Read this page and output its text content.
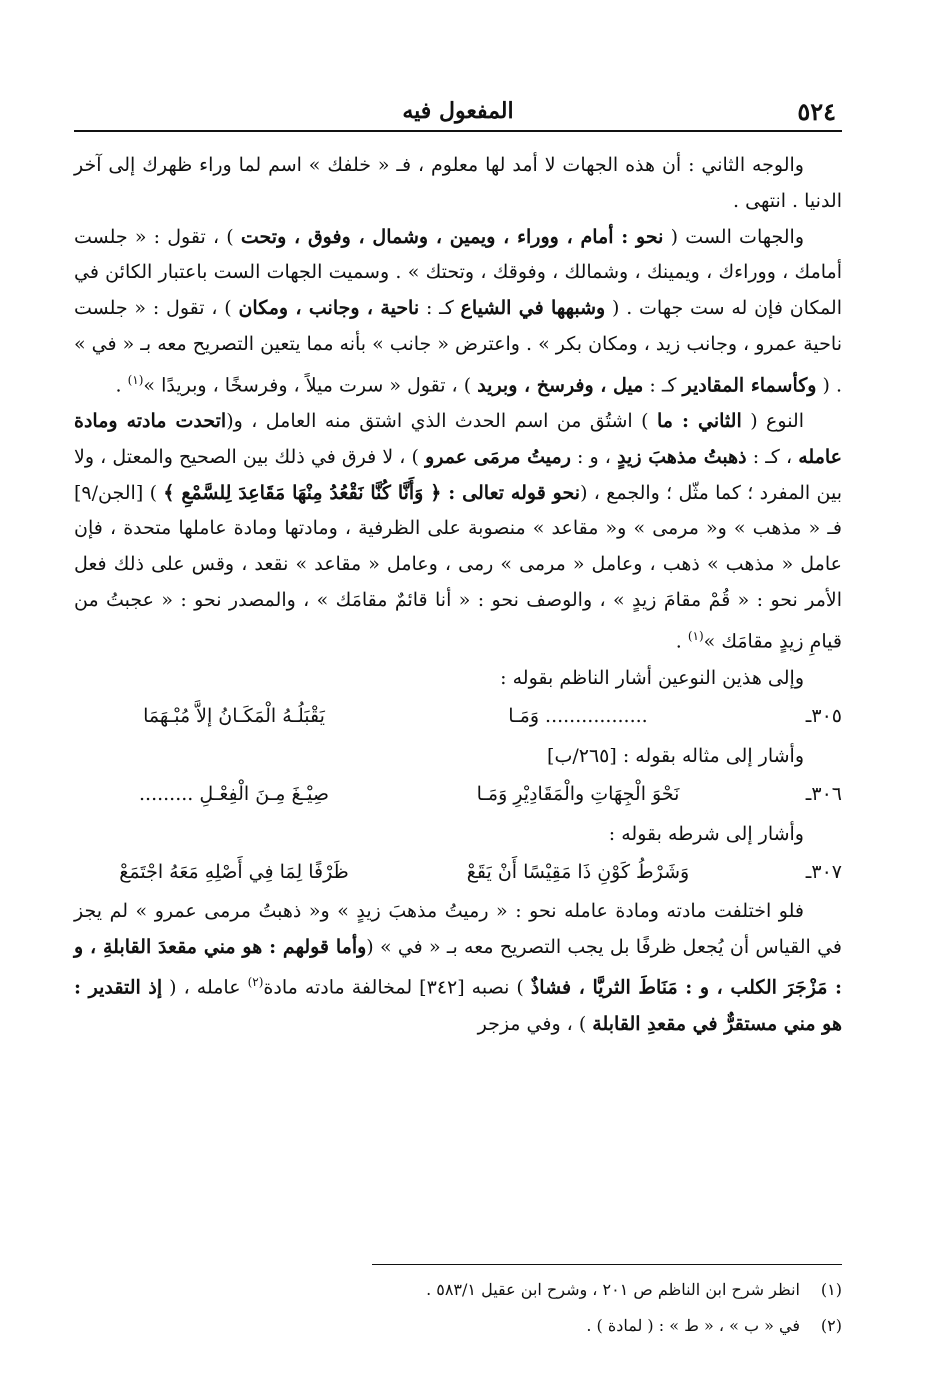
٥٢٤
المفعول فيه

والوجه الثاني : أن هذه الجهات لا أمد لها معلوم ، فـ « خلفك » اسم لما وراء ظهرك إلى آخر الدنيا . انتهى .

والجهات الست ( نحو : أمام ، ووراء ، ويمين ، وشمال ، وفوق ، وتحت ) ، تقول : « جلست أمامك ، ووراءك ، ويمينك ، وشمالك ، وفوقك ، وتحتك » . وسميت الجهات الست باعتبار الكائن في المكان فإن له ست جهات . ( وشبهها في الشياع كـ : ناحية ، وجانب ، ومكان ) ، تقول : « جلست ناحية عمرو ، وجانب زيد ، ومكان بكر » . واعترض « جانب » بأنه مما يتعين التصريح معه بـ « في » . ( وكأسماء المقادير كـ : ميل ، وفرسخ ، وبريد ) ، تقول « سرت ميلاً ، وفرسخًا ، وبريدًا »$^{(١)}$ .

النوع ( الثاني : ما ) اشتُق من اسم الحدث الذي اشتق منه العامل ، و(اتحدت مادته ومادة عامله ، كـ : ذهبتُ مذهبَ زيدٍ ، و : رميتُ مرمَى عمرو ) ، لا فرق في ذلك بين الصحيح والمعتل ، ولا بين المفرد ؛ كما مثّل ؛ والجمع ، (نحو قوله تعالى : ﴿ وَأَنَّا كُنَّا نَقْعُدُ مِنْهَا مَقَاعِدَ لِلسَّمْعِ ﴾ ) [الجن/٩] فـ « مذهب » و« مرمى » و« مقاعد » منصوبة على الظرفية ، ومادتها ومادة عاملها متحدة ، فإن عامل « مذهب » ذهب ، وعامل « مرمى » رمى ، وعامل « مقاعد » نقعد ، وقس على ذلك فعل الأمر نحو : « قُمْ مقامَ زيدٍ » ، والوصف نحو : « أنا قائمٌ مقامَك » ، والمصدر نحو : « عجبتُ من قيامِ زيدٍ مقامَك »$^{(١)}$ .

وإلى هذين النوعين أشار الناظم بقوله :
٣٠٥ـ
................. وَمَـا
يَقْبَلُـهُ الْمَكَـانُ إلاَّ مُبْـهَمَا
وأشار إلى مثاله بقوله : [٢٦٥/ب]
٣٠٦ـ
نَحْوَ الْجِهَاتِ والْمَقَادِيْرِ وَمَـا
صِيْـغَ مِـنَ الْفِعْـلِ .........
وأشار إلى شرطه بقوله :
٣٠٧ـ
وَشَرْطُ كَوْنِ ذَا مَقِيْسًا أَنْ يَقَعْ
ظَرْفًا لِمَا فِي أَصْلِهِ مَعَهُ اجْتَمَعْ

فلو اختلفت مادته ومادة عامله نحو : « رميتُ مذهبَ زيدٍ » و« ذهبتُ مرمى عمرو » لم يجز في القياس أن يُجعل ظرفًا بل يجب التصريح معه بـ « في » (وأما قولهم : هو مني مقعدَ القابلةِ ، و : مَزْجَرَ الكلب ، و : مَنَاطَ الثريَّا ، فشاذٌ ) نصبه [٣٤٢] لمخالفة مادته مادة$^{(٢)}$ عامله ، ( إذ التقدير : هو مني مستقرٌّ في مقعدِ القابلة ) ، وفي مزجر

(١)
انظر شرح ابن الناظم ص ٢٠١ ، وشرح ابن عقيل ٥٨٣/١ .
(٢)
في « ب » ، « ط » : ( لمادة ) .
